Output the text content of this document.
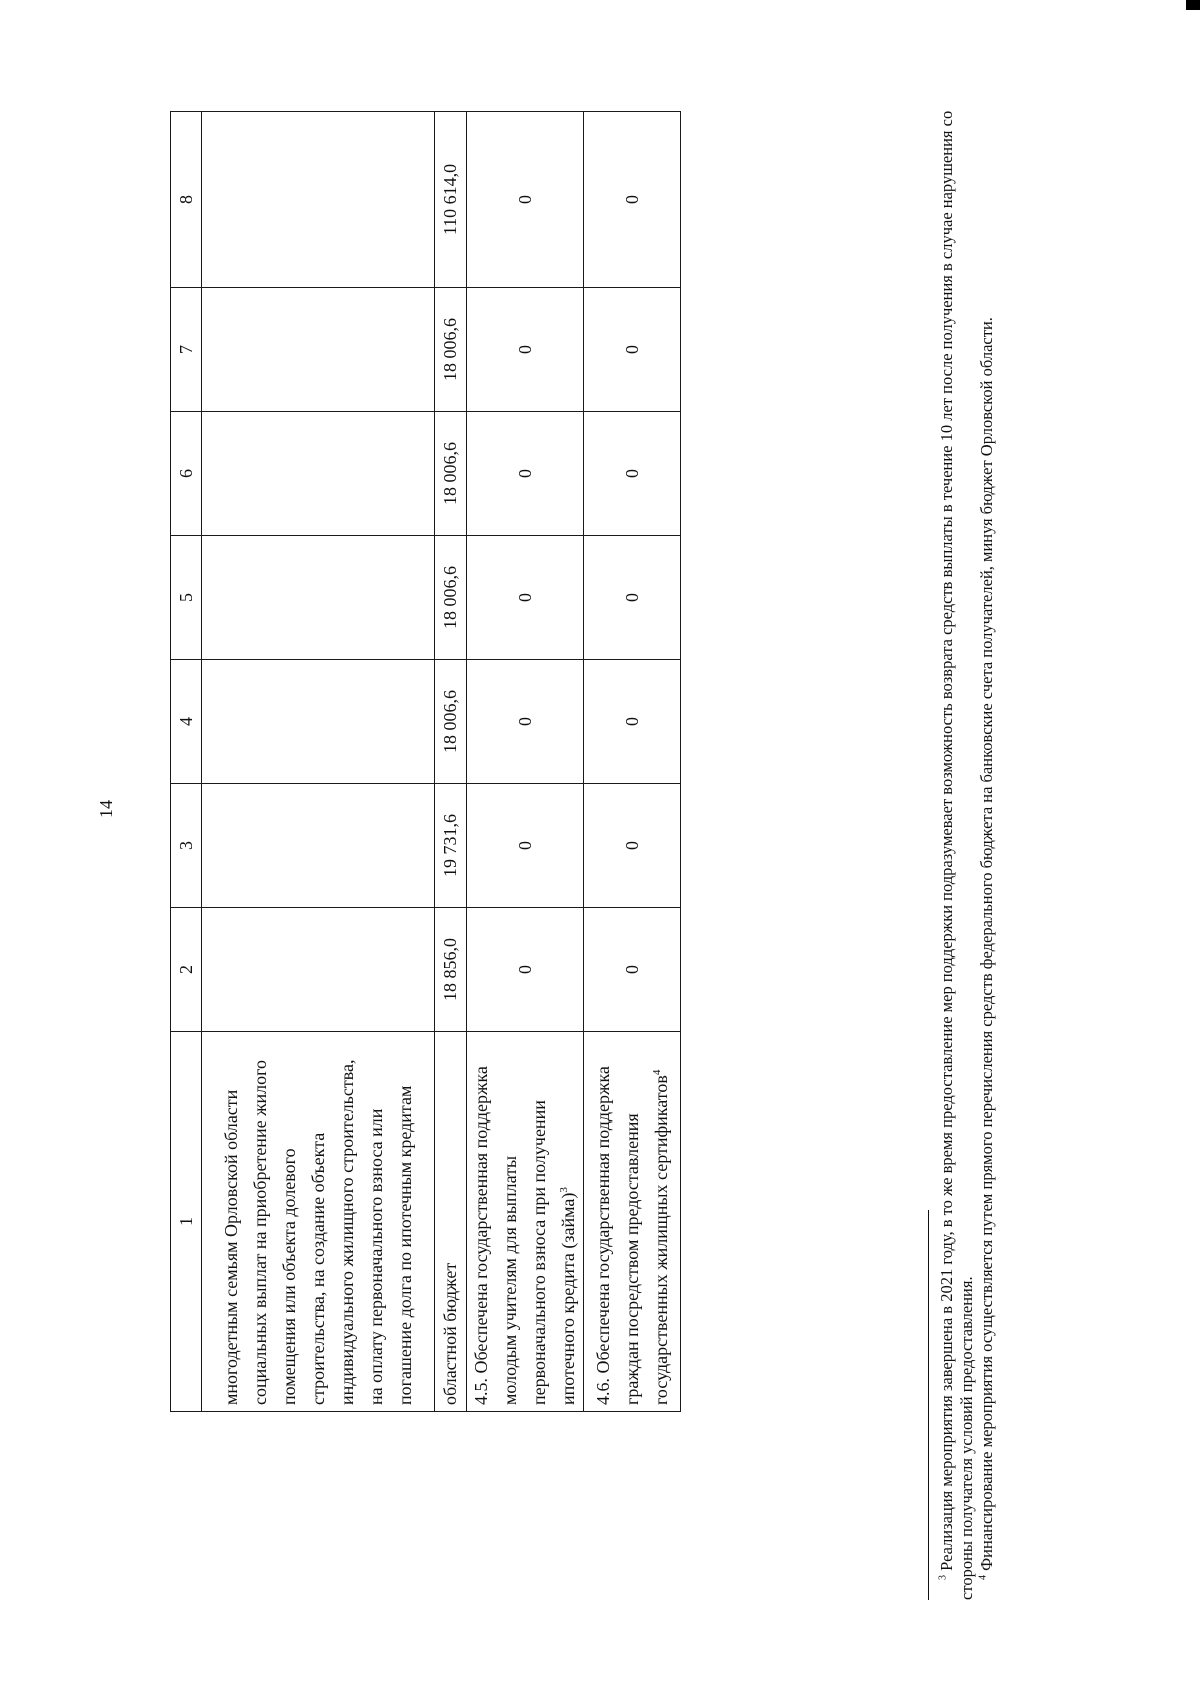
14
1	2	3	4	5	6	7	8
многодетным семьям Орловской области социальных выплат на приобретение жилого помещения или объекта долевого строительства, на создание объекта индивидуального жилищного строительства, на оплату первоначального взноса или погашение долга по ипотечным кредитам							
областной бюджет	18 856,0	19 731,6	18 006,6	18 006,6	18 006,6	18 006,6	110 614,0
4.5. Обеспечена государственная поддержка молодым учителям для выплаты первоначального взноса при получении ипотечного кредита (займа)$^3$	0	0	0	0	0	0	0
4.6. Обеспечена государственная поддержка граждан посредством предоставления государственных жилищных сертификатов$^4$	0	0	0	0	0	0	0

$^3$ Реализация мероприятия завершена в 2021 году, в то же время предоставление мер поддержки подразумевает возможность возврата средств выплаты в течение 10 лет после получения в случае нарушения со стороны получателя условий предоставления. $^4$ Финансирование мероприятия осуществляется путем прямого перечисления средств федерального бюджета на банковские счета получателей, минуя бюджет Орловской области.
